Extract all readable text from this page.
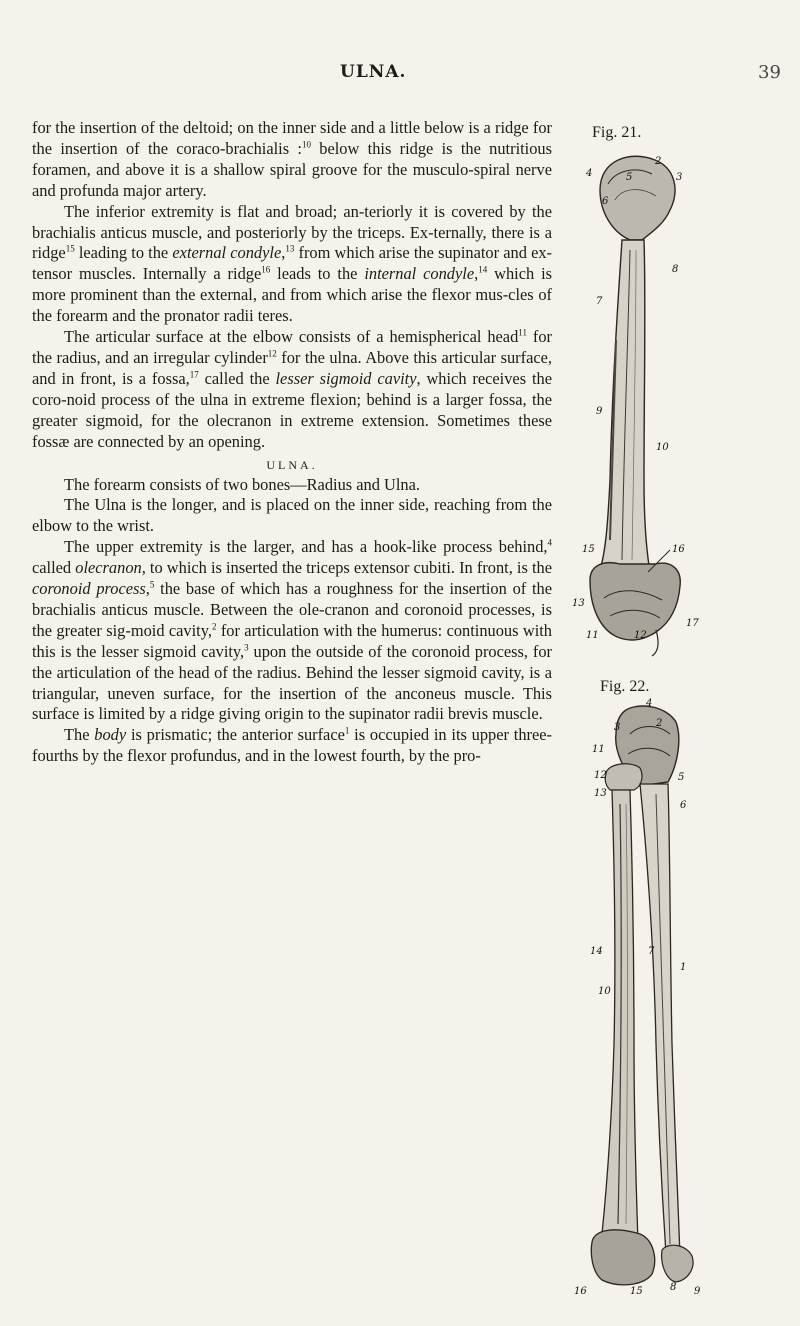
ULNA.	39

for the insertion of the deltoid; on the inner side and a little below is a ridge for the insertion of the coraco-brachialis :$^{10}$ below this ridge is the nutritious foramen, and above it is a shallow spiral groove for the musculo-spiral nerve and profunda major artery.

The inferior extremity is flat and broad; an-teriorly it is covered by the brachialis anticus muscle, and posteriorly by the triceps. Ex-ternally, there is a ridge$^{15}$ leading to the external condyle,$^{13}$ from which arise the supinator and ex-tensor muscles. Internally a ridge$^{16}$ leads to the internal condyle,$^{14}$ which is more prominent than the external, and from which arise the flexor mus-cles of the forearm and the pronator radii teres.

The articular surface at the elbow consists of a hemispherical head$^{11}$ for the radius, and an irregular cylinder$^{12}$ for the ulna. Above this articular surface, and in front, is a fossa,$^{17}$ called the lesser sigmoid cavity, which receives the coro-noid process of the ulna in extreme flexion; behind is a larger fossa, the greater sigmoid, for the olecranon in extreme extension. Sometimes these fossæ are connected by an opening.

ULNA.

The forearm consists of two bones—Radius and Ulna.

The Ulna is the longer, and is placed on the inner side, reaching from the elbow to the wrist.

The upper extremity is the larger, and has a hook-like process behind,$^4$ called olecranon, to which is inserted the triceps extensor cubiti. In front, is the coronoid process,$^5$ the base of which has a roughness for the insertion of the brachialis anticus muscle. Between the ole-cranon and coronoid processes, is the greater sig-moid cavity,$^2$ for articulation with the humerus: continuous with this is the lesser sigmoid cavity,$^3$ upon the outside of the coronoid process, for the articulation of the head of the radius. Behind the lesser sigmoid cavity, is a triangular, uneven surface, for the insertion of the anconeus muscle. This surface is limited by a ridge giving origin to the supinator radii brevis muscle.

The body is prismatic; the anterior surface$^1$ is occupied in its upper three-fourths by the flexor profundus, and in the lowest fourth, by the pro-

Fig. 21.
2
4	3
5
6
8
7
9
10
15	16
13
11	12
17
Fig. 22.
3	2
4
11
12
13
5
6
14	7
1
10
16	15	8 9
